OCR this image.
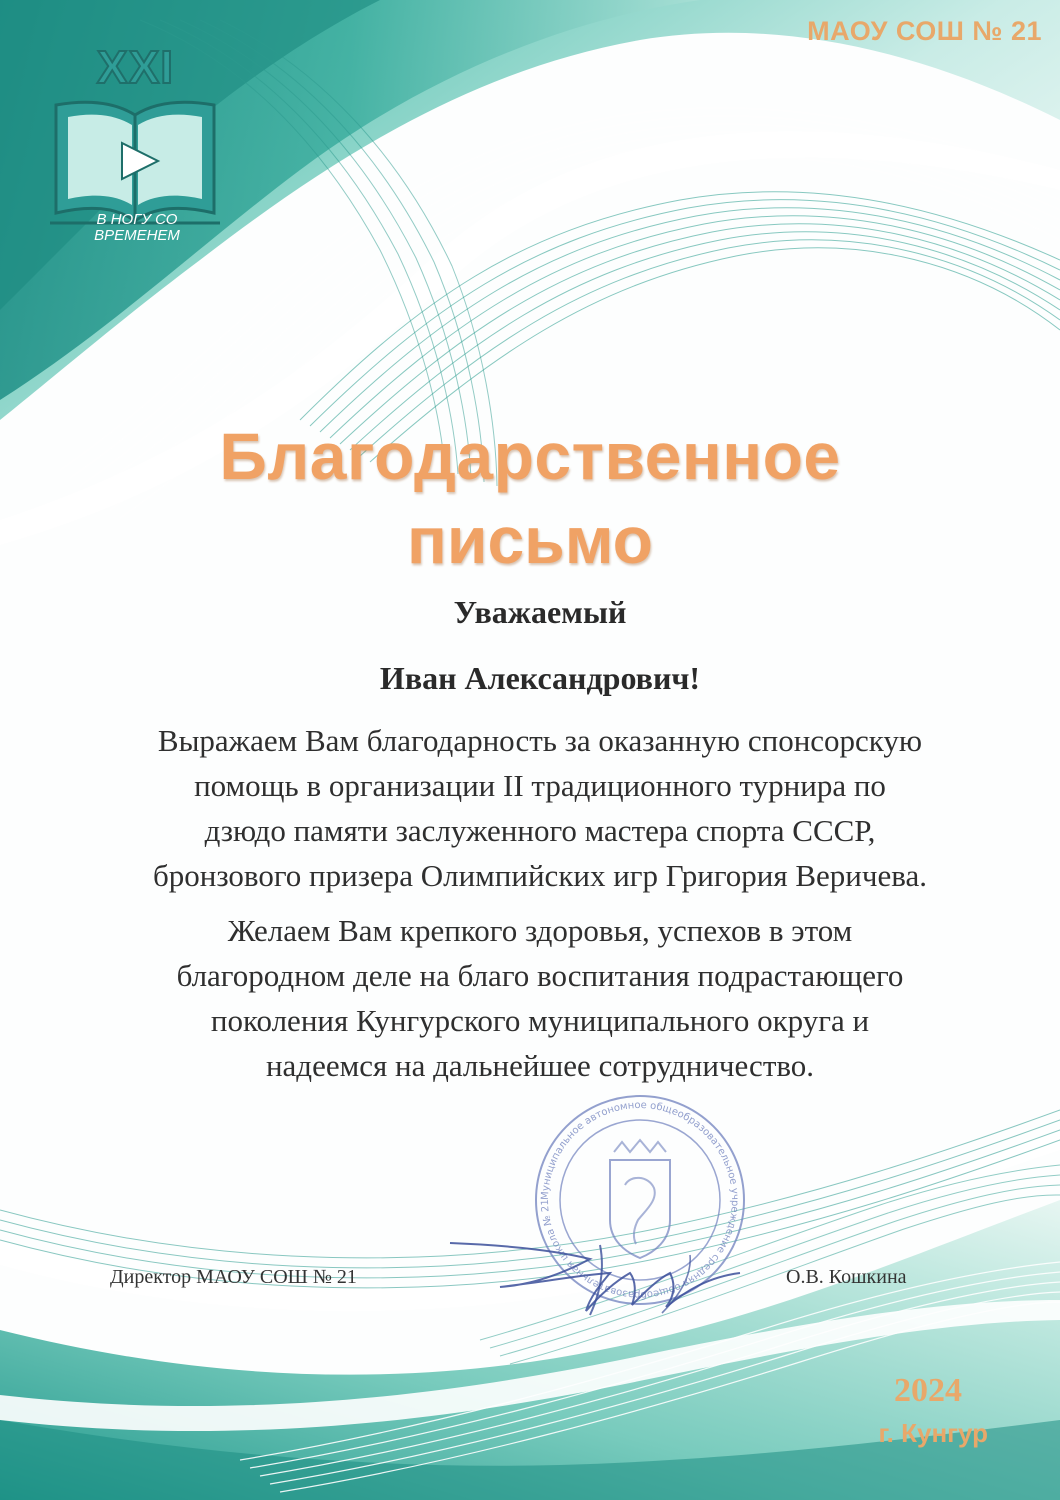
МАОУ СОШ № 21
XXI
В НОГУ СО
ВРЕМЕНЕМ
Благодарственное
письмо
Уважаемый
Иван Александрович!
Выражаем Вам благодарность за оказанную спонсорскую
помощь в организации II традиционного турнира по
дзюдо памяти заслуженного мастера спорта СССР,
бронзового призера Олимпийских игр Григория Веричева.
Желаем Вам крепкого здоровья, успехов в этом
благородном деле на благо воспитания подрастающего
поколения Кунгурского муниципального округа и
надеемся на дальнейшее сотрудничество.
Муниципальное автономное общеобразовательное учреждение средняя общеобразовательная школа № 21
Директор МАОУ СОШ № 21	О.В. Кошкина
2024
г. Кунгур
